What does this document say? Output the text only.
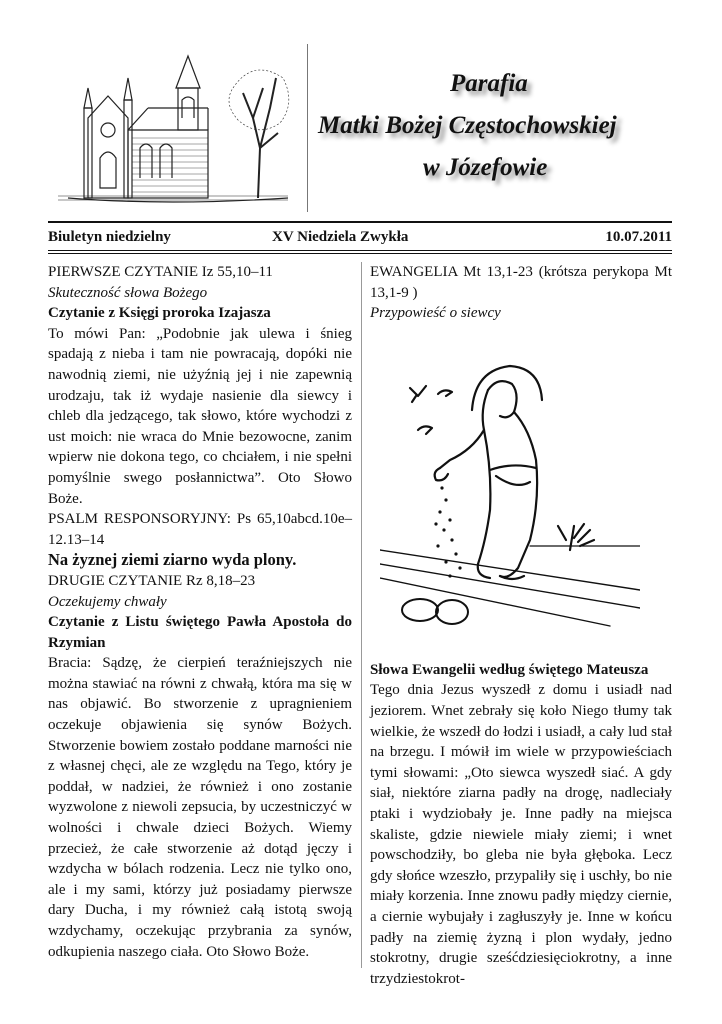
Parafia
Matki Bożej Częstochowskiej
w Józefowie
Biuletyn niedzielny	XV Niedziela Zwykła	10.07.2011

PIERWSZE CZYTANIE Iz 55,10–11

Skuteczność słowa Bożego

Czytanie z Księgi proroka Izajasza

To mówi Pan: „Podobnie jak ulewa i śnieg spadają z nieba i tam nie powracają, dopóki nie nawodnią ziemi, nie użyźnią jej i nie zapewnią urodzaju, tak iż wydaje nasienie dla siewcy i chleb dla jedzącego, tak słowo, które wychodzi z ust moich: nie wraca do Mnie bezowocne, zanim wpierw nie dokona tego, co chciałem, i nie spełni pomyślnie swego posłannictwa”. Oto Słowo Boże.

PSALM RESPONSORYJNY: Ps 65,10abcd.10e–12.13–14

Na żyznej ziemi ziarno wyda plony.

DRUGIE CZYTANIE Rz 8,18–23

Oczekujemy chwały

Czytanie z Listu świętego Pawła Apostoła do Rzymian

Bracia: Sądzę, że cierpień teraźniejszych nie można stawiać na równi z chwałą, która ma się w nas objawić. Bo stworzenie z upragnieniem oczekuje objawienia się synów Bożych. Stworzenie bowiem zostało poddane marności nie z własnej chęci, ale ze względu na Tego, który je poddał, w nadziei, że również i ono zostanie wyzwolone z niewoli zepsucia, by uczestniczyć w wolności i chwale dzieci Bożych. Wiemy przecież, że całe stworzenie aż dotąd jęczy i wzdycha w bólach rodzenia. Lecz nie tylko ono, ale i my sami, którzy już posiadamy pierwsze dary Ducha, i my również całą istotą swoją wzdychamy, oczekując przybrania za synów, odkupienia naszego ciała. Oto Słowo Boże.

EWANGELIA Mt 13,1-23 (krótsza perykopa Mt 13,1-9 )

Przypowieść o siewcy

Słowa Ewangelii według świętego Mateusza

Tego dnia Jezus wyszedł z domu i usiadł nad jeziorem. Wnet zebrały się koło Niego tłumy tak wielkie, że wszedł do łodzi i usiadł, a cały lud stał na brzegu. I mówił im wiele w przypowieściach tymi słowami: „Oto siewca wyszedł siać. A gdy siał, niektóre ziarna padły na drogę, nadleciały ptaki i wydziobały je. Inne padły na miejsca skaliste, gdzie niewiele miały ziemi; i wnet powschodziły, bo gleba nie była głęboka. Lecz gdy słońce wzeszło, przypaliły się i uschły, bo nie miały korzenia. Inne znowu padły między ciernie, a ciernie wybujały i zagłuszyły je. Inne w końcu padły na ziemię żyzną i plon wydały, jedno stokrotny, drugie sześćdziesięciokrotny, a inne trzydziestokrot-
